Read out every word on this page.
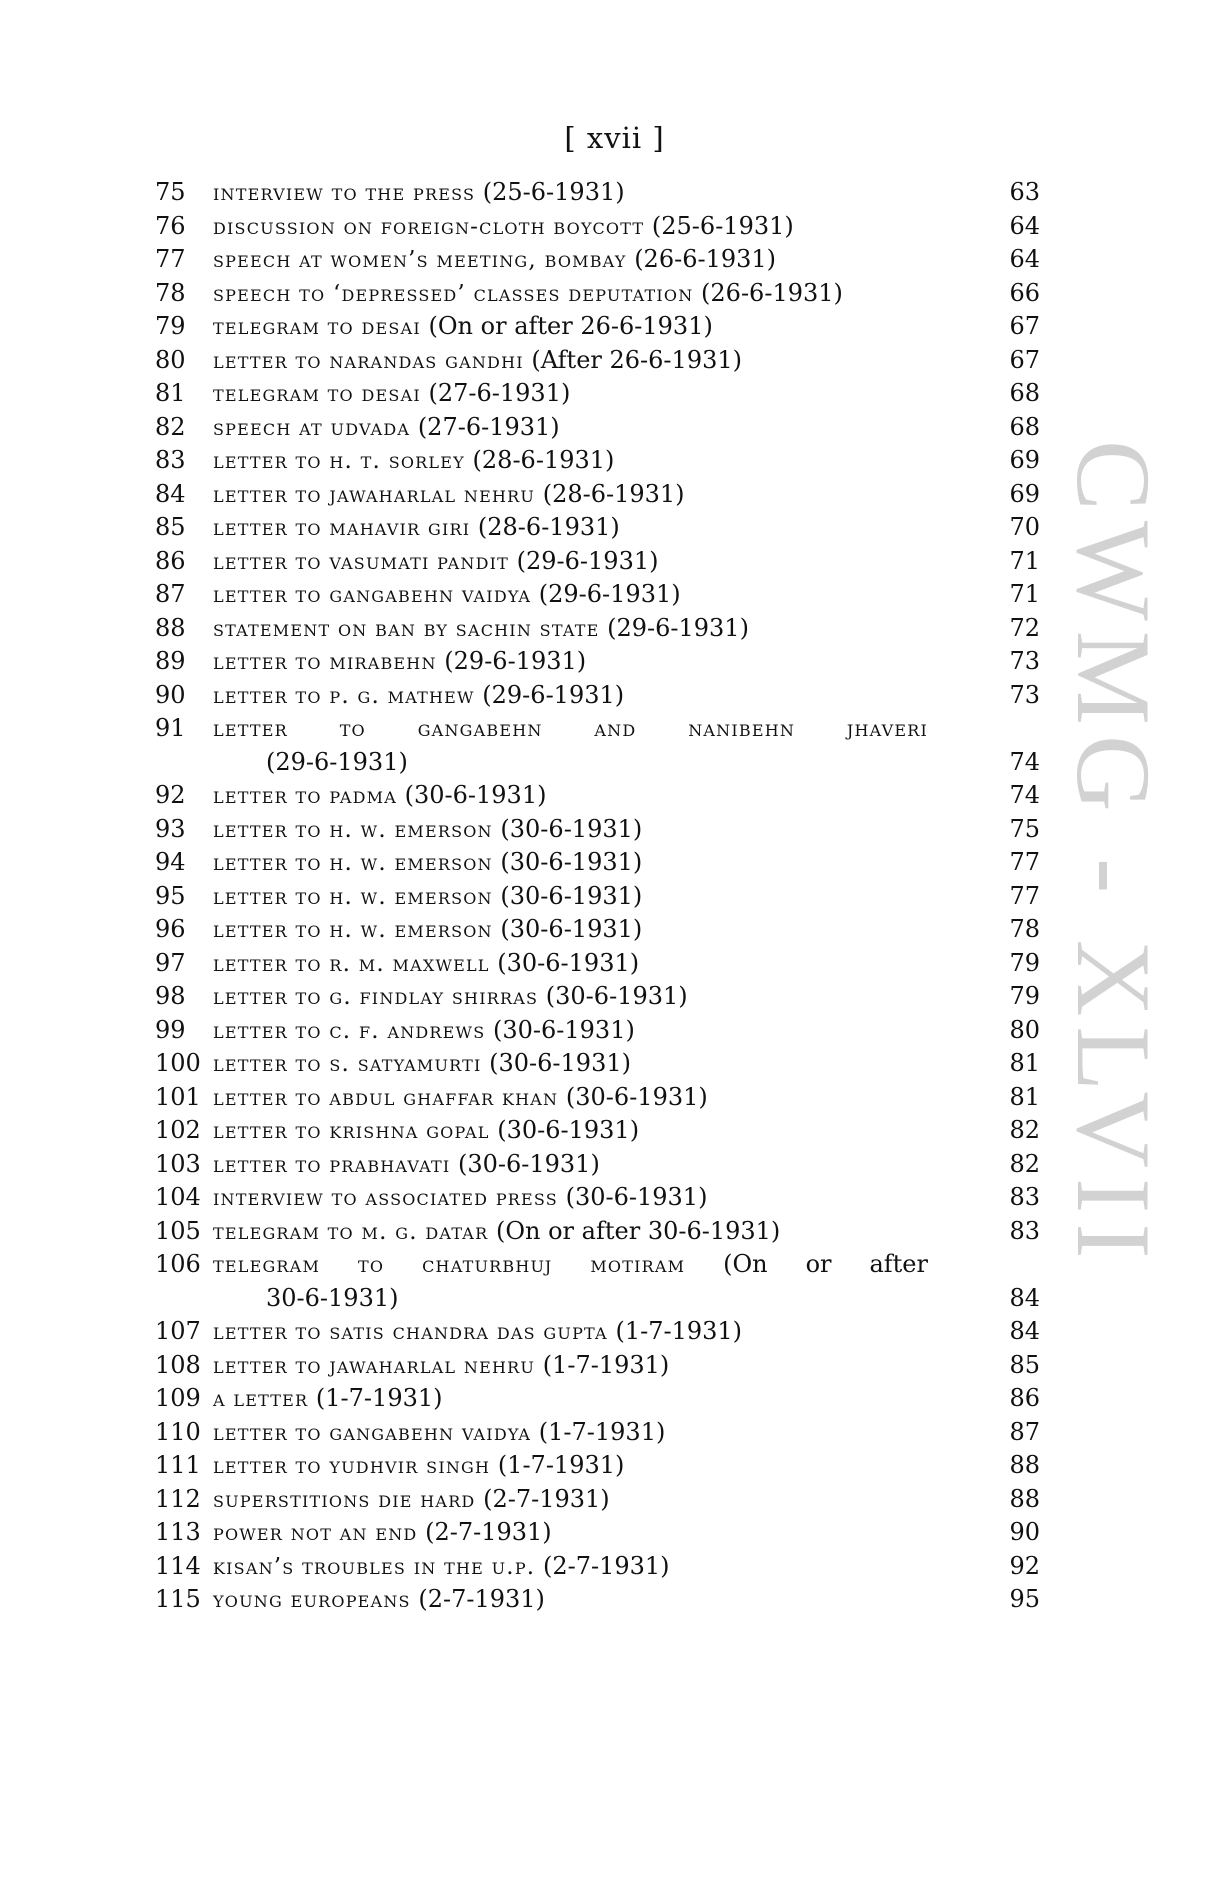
[ xvii ]
CWMG - XLVII
75 interview to the press (25-6-1931)	63
76 discussion on foreign-cloth boycott (25-6-1931)	64
77 speech at women’s meeting, bombay (26-6-1931)	64
78 speech to ‘depressed’ classes deputation (26-6-1931)	66
79 telegram to desai (On or after 26-6-1931)	67
80 letter to narandas gandhi (After 26-6-1931)	67
81 telegram to desai (27-6-1931)	68
82 speech at udvada (27-6-1931)	68
83 letter to h. t. sorley (28-6-1931)	69
84 letter to jawaharlal nehru (28-6-1931)	69
85 letter to mahavir giri (28-6-1931)	70
86 letter to vasumati pandit (29-6-1931)	71
87 letter to gangabehn vaidya (29-6-1931)	71
88 statement on ban by sachin state (29-6-1931)	72
89 letter to mirabehn (29-6-1931)	73
90 letter to p. g. mathew (29-6-1931)	73
91 letter to gangabehn and nanibehn jhaveri
(29-6-1931)	74
92 letter to padma (30-6-1931)	74
93 letter to h. w. emerson (30-6-1931)	75
94 letter to h. w. emerson (30-6-1931)	77
95 letter to h. w. emerson (30-6-1931)	77
96 letter to h. w. emerson (30-6-1931)	78
97 letter to r. m. maxwell (30-6-1931)	79
98 letter to g. findlay shirras (30-6-1931)	79
99 letter to c. f. andrews (30-6-1931)	80
100 letter to s. satyamurti (30-6-1931)	81
101 letter to abdul ghaffar khan (30-6-1931)	81
102 letter to krishna gopal (30-6-1931)	82
103 letter to prabhavati (30-6-1931)	82
104 interview to associated press (30-6-1931)	83
105 telegram to m. g. datar (On or after 30-6-1931)	83
106 telegram to chaturbhuj motiram (On or after
30-6-1931)	84
107 letter to satis chandra das gupta (1-7-1931)	84
108 letter to jawaharlal nehru (1-7-1931)	85
109 a letter (1-7-1931)	86
110 letter to gangabehn vaidya (1-7-1931)	87
111 letter to yudhvir singh (1-7-1931)	88
112 superstitions die hard (2-7-1931)	88
113 power not an end (2-7-1931)	90
114 kisan’s troubles in the u.p. (2-7-1931)	92
115 young europeans (2-7-1931)	95
